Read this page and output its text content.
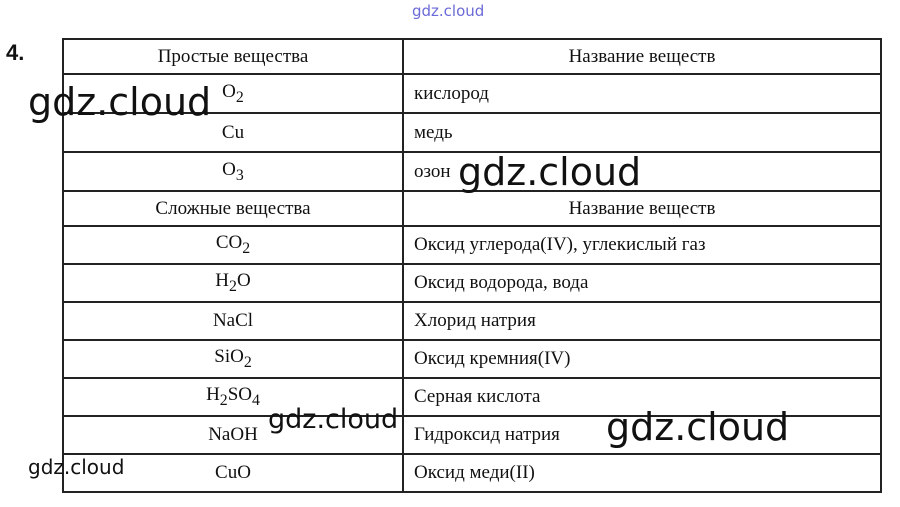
gdz.cloud
4.	Простые вещества	Название веществ
$O_2$	кислород
Cu	медь
$O_3$	озон
Сложные вещества	Название веществ
$CO_2$	Оксид углерода(IV), углекислый газ
$H_2O$	Оксид водорода, вода
NaCl	Хлорид натрия
SiO$_2$	Оксид кремния(IV)
$H_2SO_4$	Серная кислота
NaOH	Гидроксид натрия
CuO	Оксид меди(II)
gdz.cloud
gdz.cloud
gdz.cloud	gdz.cloud
gdz.cloud
